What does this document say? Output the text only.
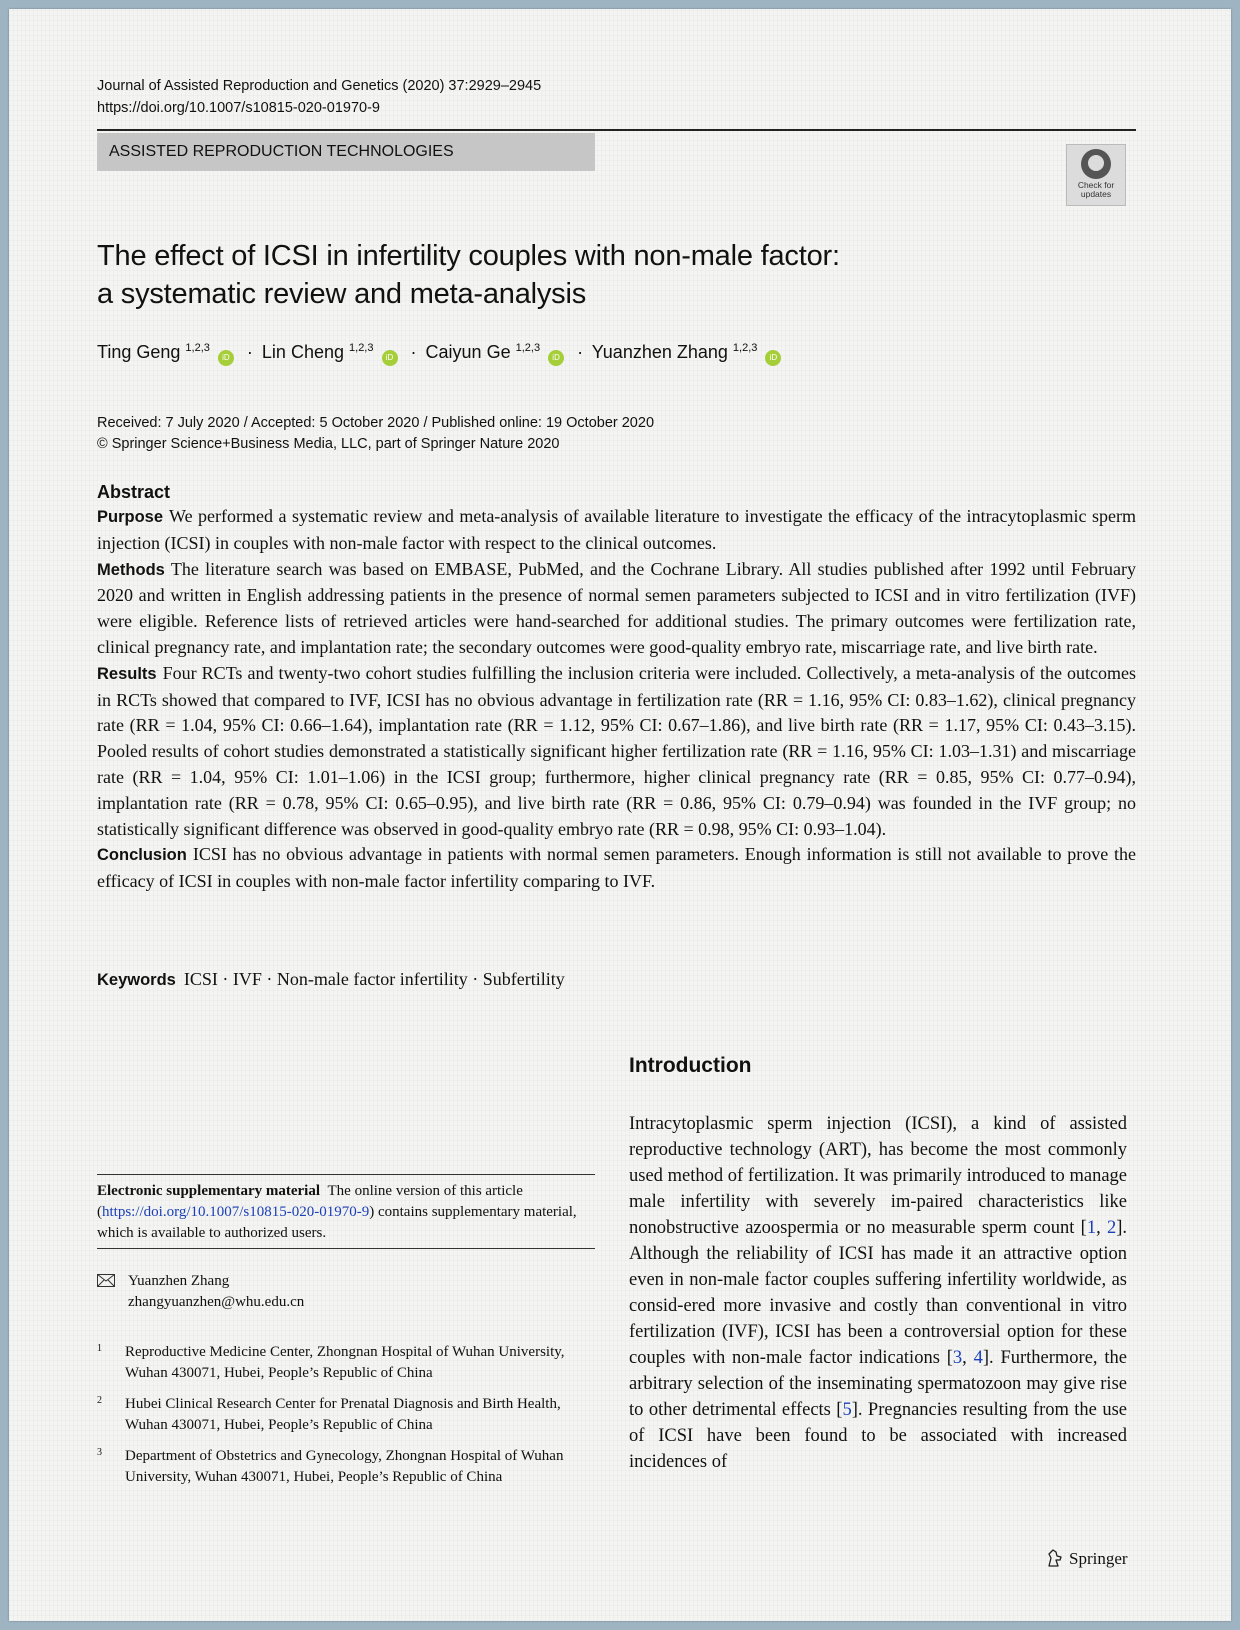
Journal of Assisted Reproduction and Genetics (2020) 37:2929–2945
https://doi.org/10.1007/s10815-020-01970-9
ASSISTED REPRODUCTION TECHNOLOGIES
Check for
updates
The effect of ICSI in infertility couples with non-male factor:
a systematic review and meta-analysis
Ting Geng $^{1,2,3}$ iD · Lin Cheng $^{1,2,3}$ iD · Caiyun Ge $^{1,2,3}$ iD · Yuanzhen Zhang $^{1,2,3}$ iD
Received: 7 July 2020 / Accepted: 5 October 2020 / Published online: 19 October 2020
© Springer Science+Business Media, LLC, part of Springer Nature 2020
Abstract

Purpose We performed a systematic review and meta-analysis of available literature to investigate the efficacy of the intracytoplasmic sperm injection (ICSI) in couples with non-male factor with respect to the clinical outcomes.

Methods The literature search was based on EMBASE, PubMed, and the Cochrane Library. All studies published after 1992 until February 2020 and written in English addressing patients in the presence of normal semen parameters subjected to ICSI and in vitro fertilization (IVF) were eligible. Reference lists of retrieved articles were hand-searched for additional studies. The primary outcomes were fertilization rate, clinical pregnancy rate, and implantation rate; the secondary outcomes were good-quality embryo rate, miscarriage rate, and live birth rate.

Results Four RCTs and twenty-two cohort studies fulfilling the inclusion criteria were included. Collectively, a meta-analysis of the outcomes in RCTs showed that compared to IVF, ICSI has no obvious advantage in fertilization rate (RR = 1.16, 95% CI: 0.83–1.62), clinical pregnancy rate (RR = 1.04, 95% CI: 0.66–1.64), implantation rate (RR = 1.12, 95% CI: 0.67–1.86), and live birth rate (RR = 1.17, 95% CI: 0.43–3.15). Pooled results of cohort studies demonstrated a statistically significant higher fertilization rate (RR = 1.16, 95% CI: 1.03–1.31) and miscarriage rate (RR = 1.04, 95% CI: 1.01–1.06) in the ICSI group; furthermore, higher clinical pregnancy rate (RR = 0.85, 95% CI: 0.77–0.94), implantation rate (RR = 0.78, 95% CI: 0.65–0.95), and live birth rate (RR = 0.86, 95% CI: 0.79–0.94) was founded in the IVF group; no statistically significant difference was observed in good-quality embryo rate (RR = 0.98, 95% CI: 0.93–1.04).

Conclusion ICSI has no obvious advantage in patients with normal semen parameters. Enough information is still not available to prove the efficacy of ICSI in couples with non-male factor infertility comparing to IVF.

Keywords ICSI · IVF · Non-male factor infertility · Subfertility
Introduction

Intracytoplasmic sperm injection (ICSI), a kind of assisted reproductive technology (ART), has become the most commonly used method of fertilization. It was primarily introduced to manage male infertility with severely im-paired characteristics like nonobstructive azoospermia or no measurable sperm count [1, 2]. Although the reliability of ICSI has made it an attractive option even in non-male factor couples suffering infertility worldwide, as consid-ered more invasive and costly than conventional in vitro fertilization (IVF), ICSI has been a controversial option for these couples with non-male factor indications [3, 4]. Furthermore, the arbitrary selection of the inseminating spermatozoon may give rise to other detrimental effects [5]. Pregnancies resulting from the use of ICSI have been found to be associated with increased incidences of

Electronic supplementary material The online version of this article (https://doi.org/10.1007/s10815-020-01970-9) contains supplementary material, which is available to authorized users.

Yuanzhen Zhang
zhangyuanzhen@whu.edu.cn
1 Reproductive Medicine Center, Zhongnan Hospital of Wuhan University, Wuhan 430071, Hubei, People’s Republic of China
2 Hubei Clinical Research Center for Prenatal Diagnosis and Birth Health, Wuhan 430071, Hubei, People’s Republic of China
3 Department of Obstetrics and Gynecology, Zhongnan Hospital of Wuhan University, Wuhan 430071, Hubei, People’s Republic of China
Springer
